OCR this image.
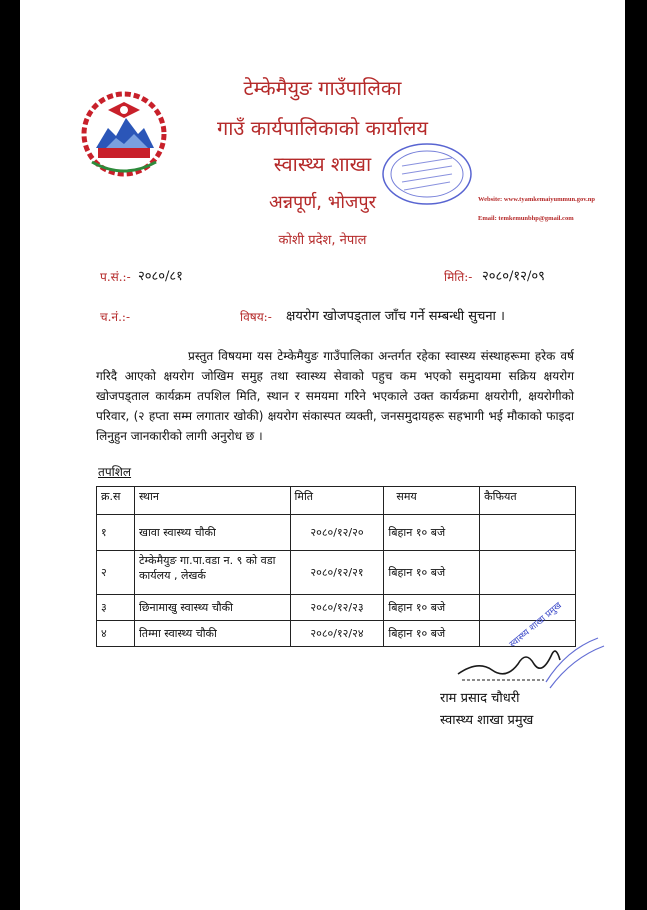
टेम्केमैयुङ गाउँपालिका
गाउँ कार्यपालिकाको कार्यालय
स्वास्थ्य शाखा
अन्नपूर्ण, भोजपुर
कोशी प्रदेश, नेपाल
Website: www.tyamkemaiyummun.gov.np
Email: temkemunbhp@gmail.com
प.सं.:- २०८०/८१	मिति:- २०८०/१२/०९
च.नं.:-	विषय:- क्षयरोग खोजपड्ताल जाँच गर्ने सम्बन्धी सुचना ।

प्रस्तुत विषयमा यस टेम्केमैयुङ गाउँपालिका अन्तर्गत रहेका स्वास्थ्य संस्थाहरूमा हरेक वर्ष गरिदै आएको क्षयरोग जोखिम समुह तथा स्वास्थ्य सेवाको पहुच कम भएको समुदायमा सक्रिय क्षयरोग खोजपड्ताल कार्यक्रम तपशिल मिति, स्थान र समयमा गरिने भएकाले उक्त कार्यक्रमा क्षयरोगी, क्षयरोगीको परिवार, (२ हप्ता सम्म लगातार खोकी) क्षयरोग संकास्पत व्यक्ती, जनसमुदायहरू सहभागी भई मौकाको फाइदा लिनुहुन जानकारीको लागी अनुरोध छ ।

तपशिल
क्र.स	स्थान	मिति	समय	कैफियत
१	खावा स्वास्थ्य चौकी	२०८०/१२/२०	बिहान १० बजे	
२	टेम्केमैयुङ गा.पा.वडा न. ९ को वडा कार्यलय , लेखर्क	२०८०/१२/२१	बिहान १० बजे	
३	छिनामाखु स्वास्थ्य चौकी	२०८०/१२/२३	बिहान १० बजे	
४	तिम्मा स्वास्थ्य चौकी	२०८०/१२/२४	बिहान १० बजे		स्वास्थ्य शाखा प्रमुख
राम प्रसाद चौधरी
स्वास्थ्य शाखा प्रमुख
